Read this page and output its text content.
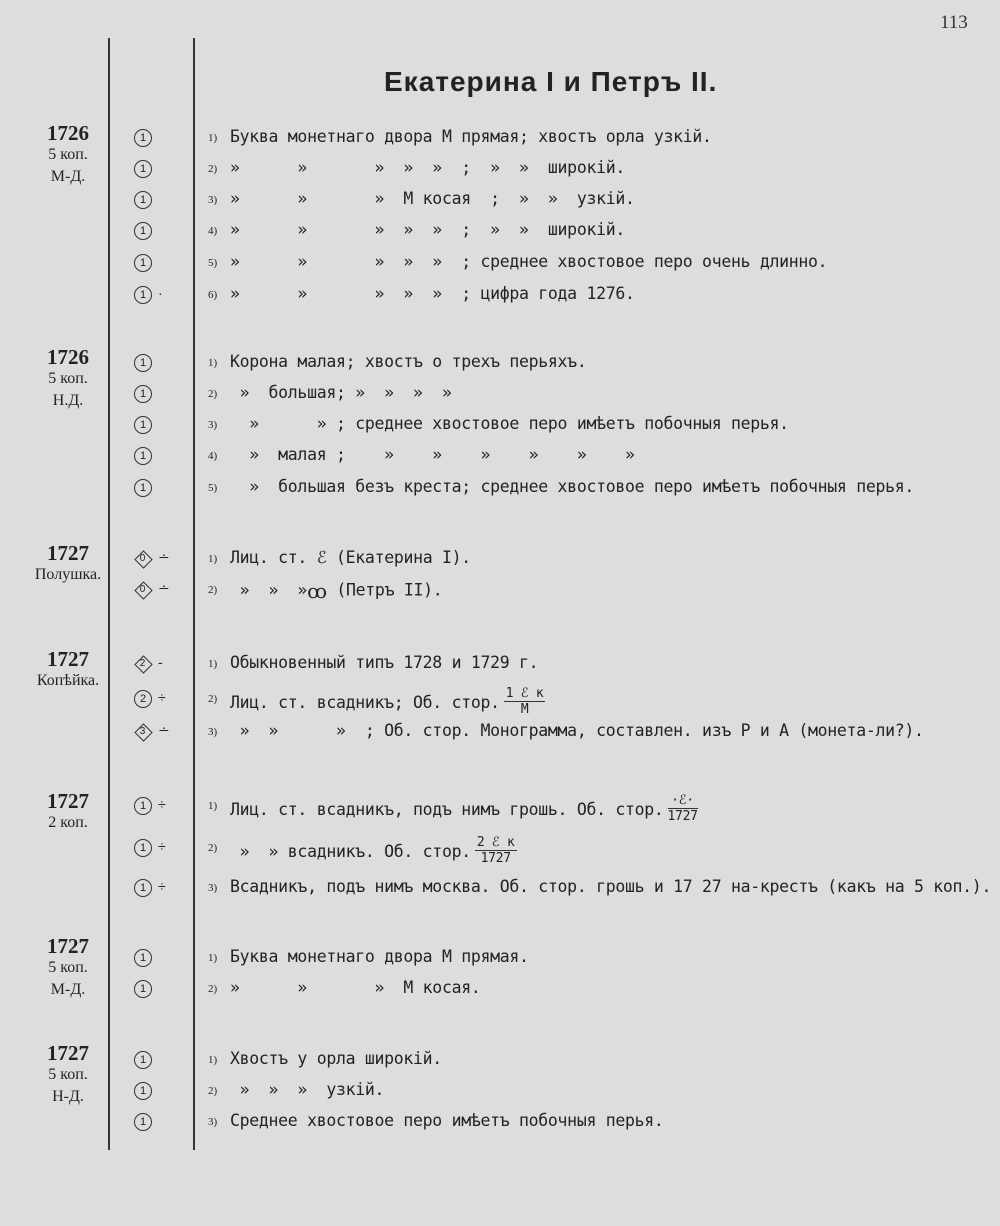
113
Екатерина I и Петръ II.
1726
5 коп.
М-Д.
1	1) Буква монетнаго двора М прямая; хвостъ орла узкій.
1	2) »      »       »  »  »  ;  »  »  широкій.
1	3) »      »       »  М косая  ;  »  »  узкій.
1	4) »      »       »  »  »  ;  »  »  широкій.
1	5) »      »       »  »  »  ; среднее хвостовое перо очень длинно.
1 ·	6) »      »       »  »  »  ; цифра года 1276.
1726
5 коп.
Н.Д.
1	1) Корона малая; хвостъ о трехъ перьяхъ.
1	2) »  большая; »  »  »  »
1	3) »      » ; среднее хвостовое перо имѣетъ побочныя перья.
1	4) »  малая ;    »    »    »    »    »    »
1	5) »  большая безъ креста; среднее хвостовое перо имѣетъ побочныя перья.
1727
Полушка.
0 ∸	1) Лиц. ст. ℰ (Екатерина I).
0 ∸	2) »  »  »ꝏ (Петръ II).
1727
Копѣйка.
2 -	1) Обыкновенный типъ 1728 и 1729 г.
2 ÷	2) Лиц. ст. всадникъ; Об. стор. $\frac{\text{1 ℰ к}}{М}$
3 ∸	3) »  »      »  ; Об. стор. Монограмма, составлен. изъ Р и А (монета-ли?).
1727
2 коп.
1 ÷	1) Лиц. ст. всадникъ, подъ нимъ грошь. Об. стор. $\frac{\text{·ℰ·}}{1727}$
1 ÷	2) »  » всадникъ. Об. стор. $\frac{\text{2 ℰ к}}{1727}$
1 ÷	3) Всадникъ, подъ нимъ москва. Об. стор. грошь и 17 27 на-крестъ (какъ на 5 коп.).
1727
5 коп.
М-Д.
1	1) Буква монетнаго двора М прямая.
1	2) »      »       »  М косая.
1727
5 коп.
Н-Д.
1	1) Хвостъ у орла широкій.
1	2) »  »  »  узкій.
1	3) Среднее хвостовое перо имѣетъ побочныя перья.
